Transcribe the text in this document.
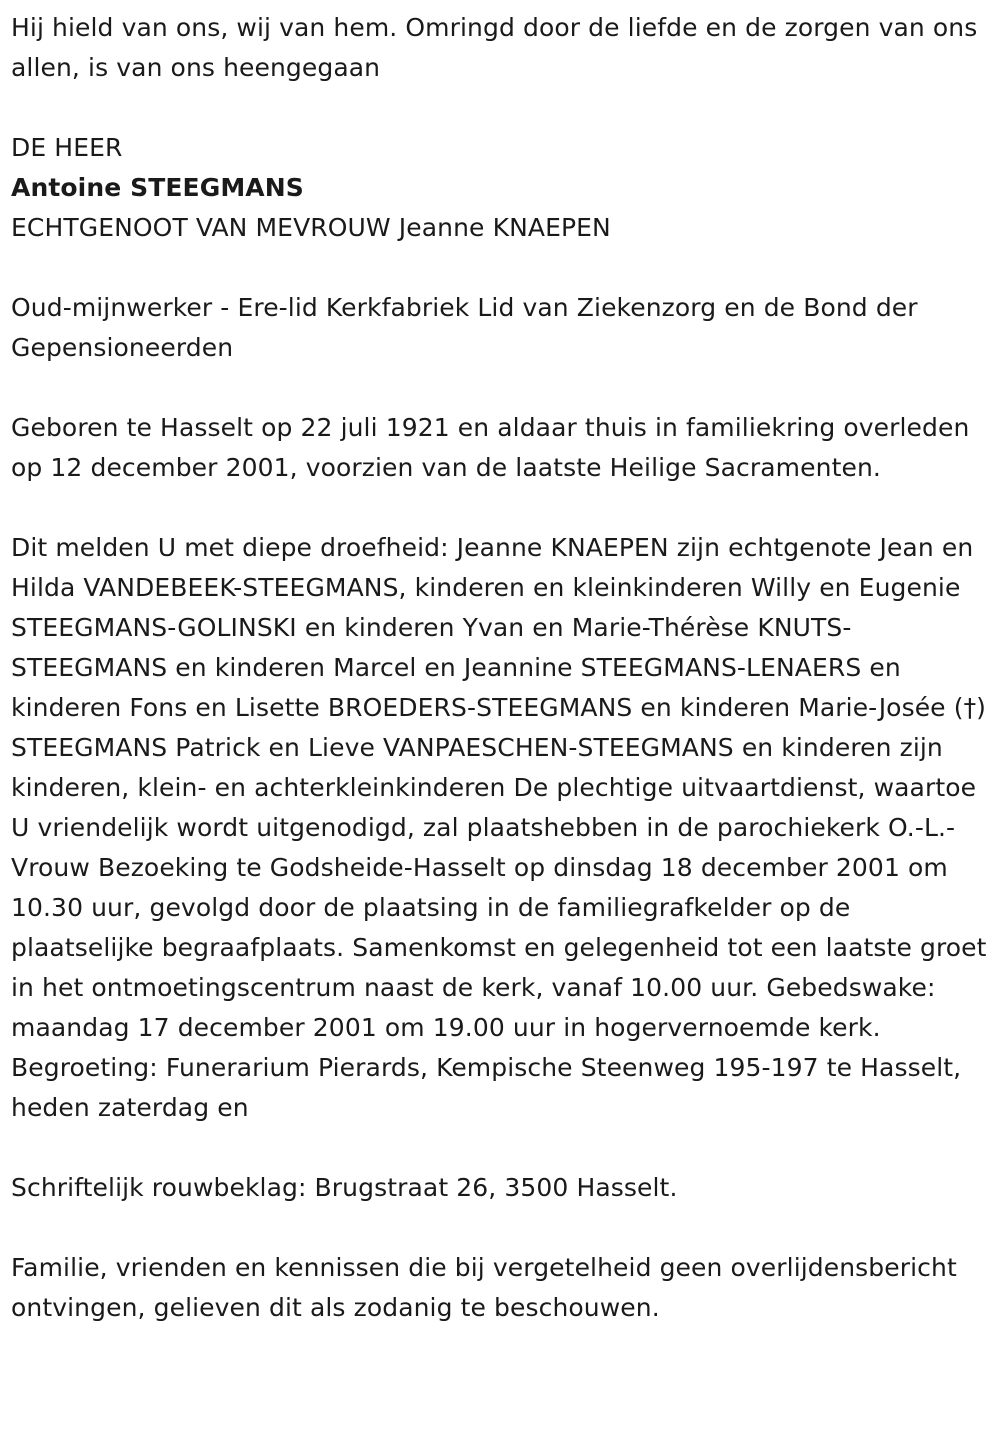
Hij hield van ons, wij van hem. Omringd door de liefde en de zorgen van ons allen, is van ons heengegaan

DE HEER

Antoine STEEGMANS

ECHTGENOOT VAN MEVROUW Jeanne KNAEPEN

Oud-mijnwerker - Ere-lid Kerkfabriek Lid van Ziekenzorg en de Bond der Gepensioneerden

Geboren te Hasselt op 22 juli 1921 en aldaar thuis in familiekring overleden op 12 december 2001, voorzien van de laatste Heilige Sacramenten.

Dit melden U met diepe droefheid: Jeanne KNAEPEN zijn echtgenote Jean en Hilda VANDEBEEK-STEEGMANS, kinderen en kleinkinderen Willy en Eugenie STEEGMANS-GOLINSKI en kinderen Yvan en Marie-Thérèse KNUTS-STEEGMANS en kinderen Marcel en Jeannine STEEGMANS-LENAERS en kinderen Fons en Lisette BROEDERS-STEEGMANS en kinderen Marie-Josée (†) STEEGMANS Patrick en Lieve VANPAESCHEN-STEEGMANS en kinderen zijn kinderen, klein- en achterkleinkinderen De plechtige uitvaartdienst, waartoe U vriendelijk wordt uitgenodigd, zal plaatshebben in de parochiekerk O.-L.-Vrouw Bezoeking te Godsheide-Hasselt op dinsdag 18 december 2001 om 10.30 uur, gevolgd door de plaatsing in de familiegrafkelder op de plaatselijke begraafplaats. Samenkomst en gelegenheid tot een laatste groet in het ontmoetingscentrum naast de kerk, vanaf 10.00 uur. Gebedswake: maandag 17 december 2001 om 19.00 uur in hogervernoemde kerk. Begroeting: Funerarium Pierards, Kempische Steenweg 195-197 te Hasselt, heden zaterdag en

Schriftelijk rouwbeklag: Brugstraat 26, 3500 Hasselt.

Familie, vrienden en kennissen die bij vergetelheid geen overlijdensbericht ontvingen, gelieven dit als zodanig te beschouwen.
